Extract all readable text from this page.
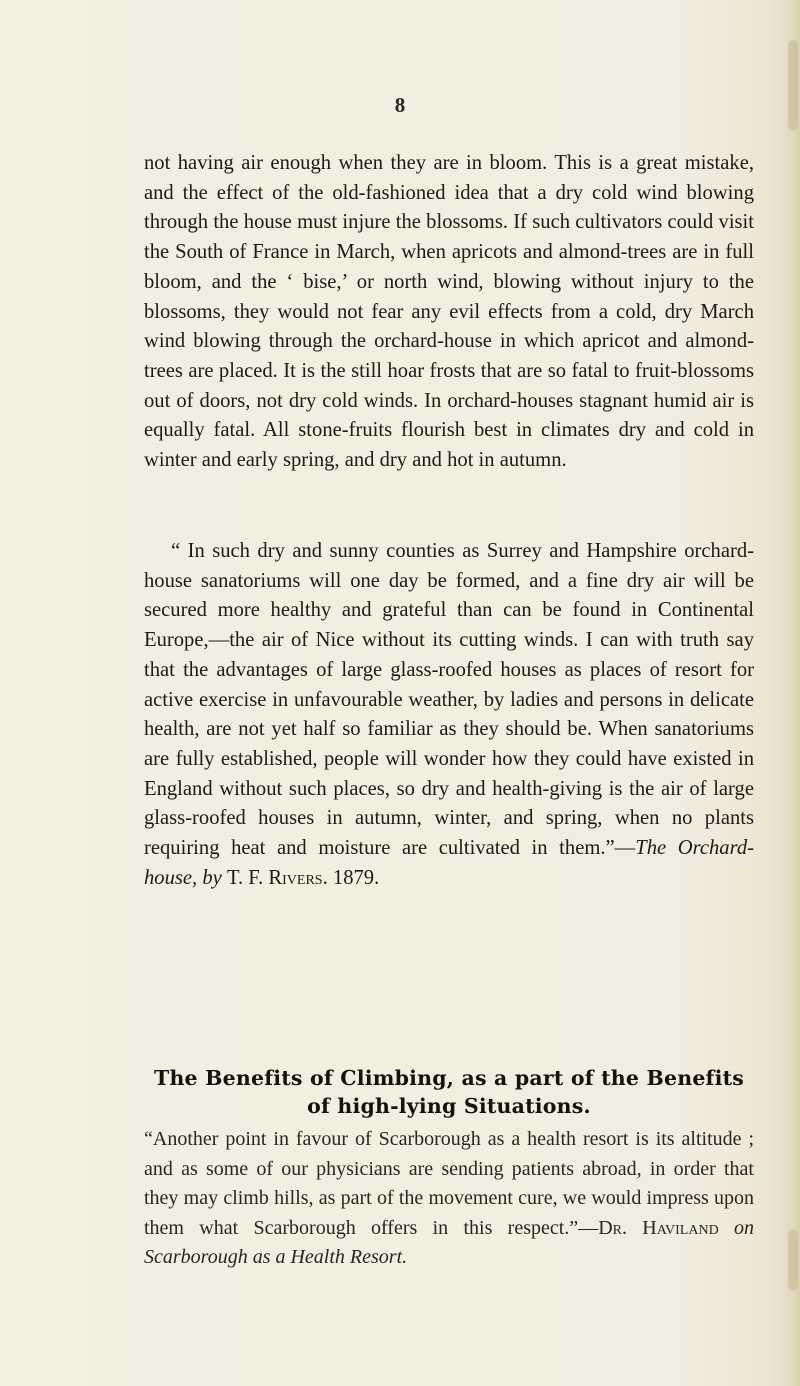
8

not having air enough when they are in bloom. This is a great mistake, and the effect of the old-fashioned idea that a dry cold wind blowing through the house must injure the blossoms. If such cultivators could visit the South of France in March, when apricots and almond-trees are in full bloom, and the ‘ bise,’ or north wind, blowing without injury to the blossoms, they would not fear any evil effects from a cold, dry March wind blowing through the orchard-house in which apricot and almond-trees are placed. It is the still hoar frosts that are so fatal to fruit-blossoms out of doors, not dry cold winds. In orchard-houses stagnant humid air is equally fatal. All stone-fruits flourish best in climates dry and cold in winter and early spring, and dry and hot in autumn.

“ In such dry and sunny counties as Surrey and Hampshire orchard-house sanatoriums will one day be formed, and a fine dry air will be secured more healthy and grateful than can be found in Continental Europe,—the air of Nice without its cutting winds. I can with truth say that the advantages of large glass-roofed houses as places of resort for active exercise in unfavourable weather, by ladies and persons in delicate health, are not yet half so familiar as they should be. When sanatoriums are fully established, people will wonder how they could have existed in England without such places, so dry and health-giving is the air of large glass-roofed houses in autumn, winter, and spring, when no plants requiring heat and moisture are cultivated in them.”—The Orchard-house, by T. F. Rivers. 1879.

The Benefits of Climbing, as a part of the Benefits of high-lying Situations.

“Another point in favour of Scarborough as a health resort is its altitude ; and as some of our physicians are sending patients abroad, in order that they may climb hills, as part of the movement cure, we would impress upon them what Scarborough offers in this respect.”—Dr. Haviland on Scarborough as a Health Resort.
